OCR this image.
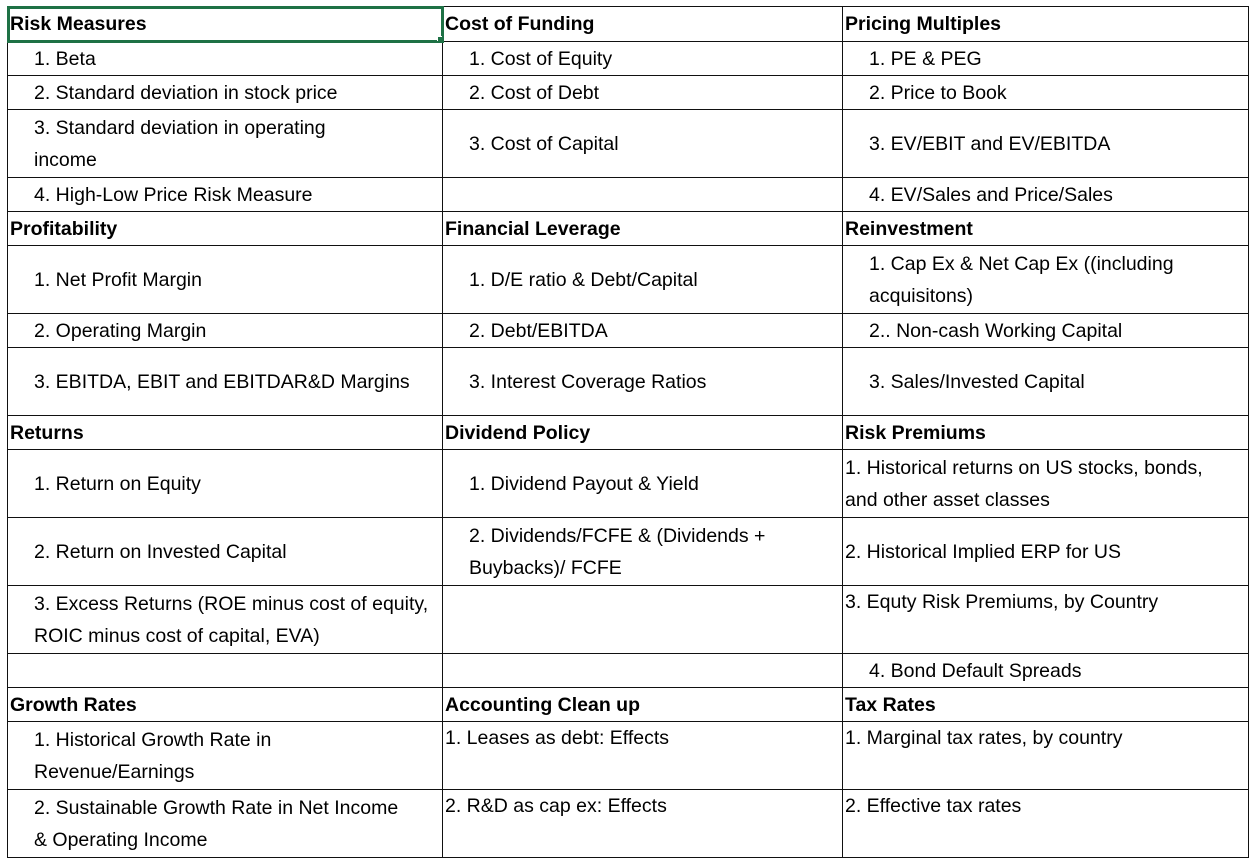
Risk Measures	Cost of Funding	Pricing Multiples
1. Beta	1. Cost of Equity	1. PE & PEG
2. Standard deviation in stock price	2. Cost of Debt	2. Price to Book

3. Standard deviation in operating income	3. Cost of Capital	3. EV/EBIT and EV/EBITDA
4. High-Low Price Risk Measure		4. EV/Sales and Price/Sales
Profitability	Financial Leverage	Reinvestment
1. Net Profit Margin	1. D/E ratio & Debt/Capital	1. Cap Ex & Net Cap Ex ((including acquisitons)
2. Operating Margin	2. Debt/EBITDA	2.. Non-cash Working Capital
3. EBITDA, EBIT and EBITDAR&D Margins	3. Interest Coverage Ratios	3. Sales/Invested Capital
Returns	Dividend Policy	Risk Premiums
1. Return on Equity	1. Dividend Payout & Yield	1. Historical returns on US stocks, bonds, and other asset classes
2. Return on Invested Capital	2. Dividends/FCFE & (Dividends + Buybacks)/ FCFE	2. Historical Implied ERP for US
3. Excess Returns (ROE minus cost of equity, ROIC minus cost of capital, EVA)		3. Equty Risk Premiums, by Country
		4. Bond Default Spreads
Growth Rates	Accounting Clean up	Tax Rates
1. Historical Growth Rate in Revenue/Earnings	1. Leases as debt: Effects	1. Marginal tax rates, by country
2. Sustainable Growth Rate in Net Income & Operating Income	2. R&D as cap ex: Effects	2. Effective tax rates
